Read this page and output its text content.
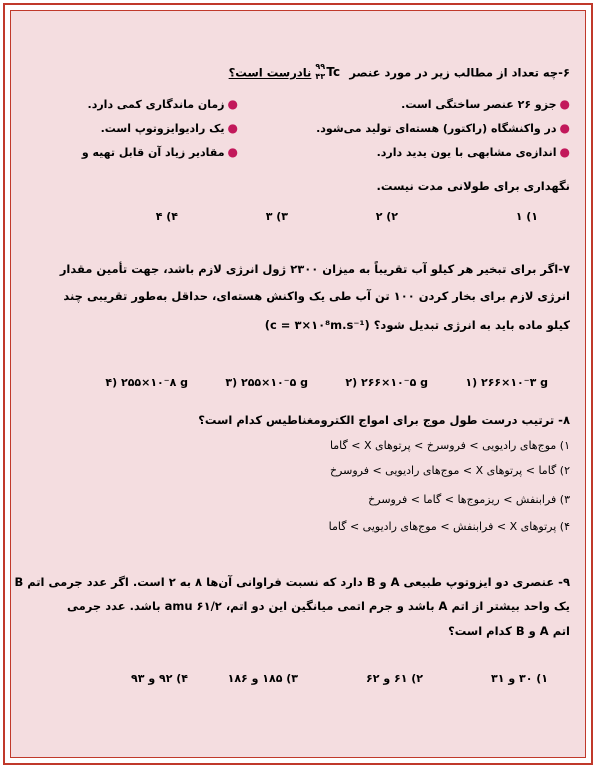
۶-چه تعداد از مطالب زیر در مورد عنصر
۹۹
۴۳ Tc
نادرست است؟
●جزو ۲۶ عنصر ساختگی است.
●زمان ماندگاری کمی دارد.
●در واکنشگاه (راکتور) هسته‌ای تولید می‌شود.
●یک رادیوایزوتوپ است.
●اندازه‌ی مشابهی با یون یدید دارد.
●مقادیر زیاد آن قابل تهیه و
نگهداری برای طولانی مدت نیست.
۱) ۱
۲) ۲
۳) ۳
۴) ۴
۷-اگر برای تبخیر هر کیلو آب تقریباً به میزان ۲۳۰۰ ژول انرژی لازم باشد، جهت تأمین مقدار
انرژی لازم برای بخار کردن ۱۰۰ تن آب طی یک واکنش هسته‌ای، حداقل به‌طور تقریبی چند
کیلو ماده باید به انرژی تبدیل شود؟ (c = ۳×۱۰⁸m.s⁻¹)
۱) ۲۶۶×۱۰⁻۳ g
۲) ۲۶۶×۱۰⁻۵ g
۳) ۲۵۵×۱۰⁻۵ g
۴) ۲۵۵×۱۰⁻۸ g
۸- ترتیب درست طول موج برای امواج الکترومغناطیس کدام است؟
۱) موج‌های رادیویی > فروسرخ > پرتوهای X > گاما
۲) گاما > پرتوهای X > موج‌های رادیویی > فروسرخ
۳) فرابنفش > ریزموج‌ها > گاما > فروسرخ
۴) پرتوهای X > فرابنفش > موج‌های رادیویی > گاما
۹- عنصری دو ایزوتوپ طبیعی A و B دارد که نسبت فراوانی آن‌ها ۸ به ۲ است. اگر عدد جرمی اتم B
یک واحد بیشتر از اتم A باشد و جرم اتمی میانگین این دو اتم، ۶۱/۲ amu باشد. عدد جرمی
اتم A و B کدام است؟
۱) ۳۰ و ۳۱
۲) ۶۱ و ۶۲
۳) ۱۸۵ و ۱۸۶
۴) ۹۲ و ۹۳
